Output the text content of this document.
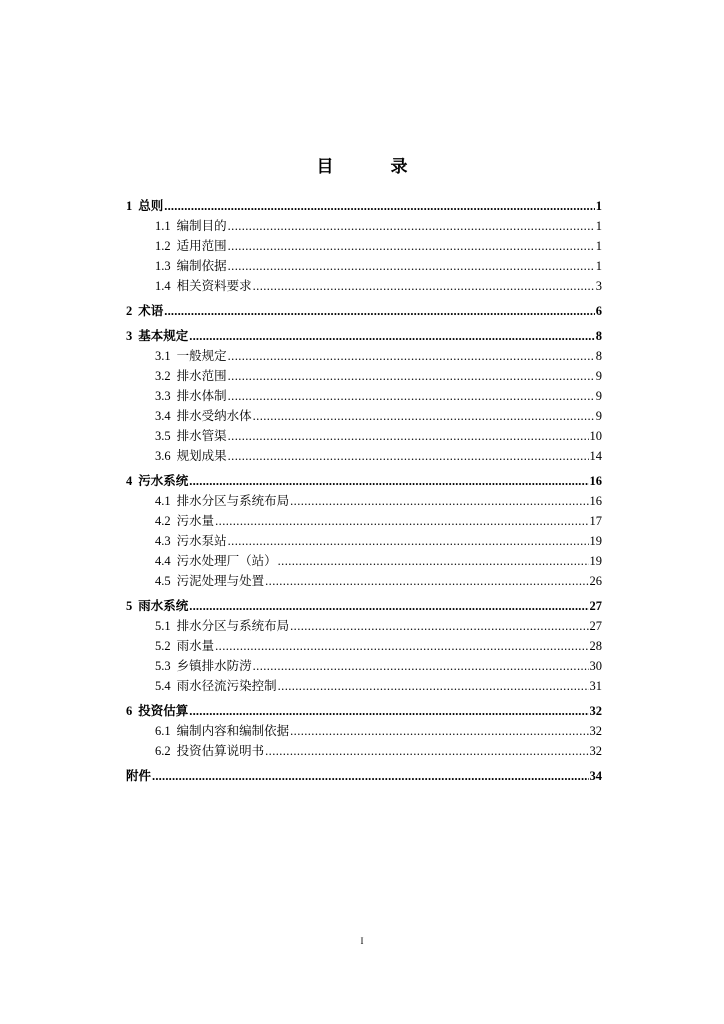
目　录
1 总则 .....	1
1.1 编制目的 .....	1
1.2 适用范围 .....	1
1.3 编制依据 .....	1
1.4 相关资料要求 .....	3
2 术语 .....	6
3 基本规定 .....	8
3.1 一般规定 .....	8
3.2 排水范围 .....	9
3.3 排水体制 .....	9
3.4 排水受纳水体 .....	9
3.5 排水管渠 .....	10
3.6 规划成果 .....	14
4 污水系统 .....	16
4.1 排水分区与系统布局 .....	16
4.2 污水量 .....	17
4.3 污水泵站 .....	19
4.4 污水处理厂（站） .....	19
4.5 污泥处理与处置 .....	26
5 雨水系统 .....	27
5.1 排水分区与系统布局 .....	27
5.2 雨水量 .....	28
5.3 乡镇排水防涝 .....	30
5.4 雨水径流污染控制 .....	31
6 投资估算 .....	32
6.1 编制内容和编制依据 .....	32
6.2 投资估算说明书 .....	32
附件 .....	34
I
